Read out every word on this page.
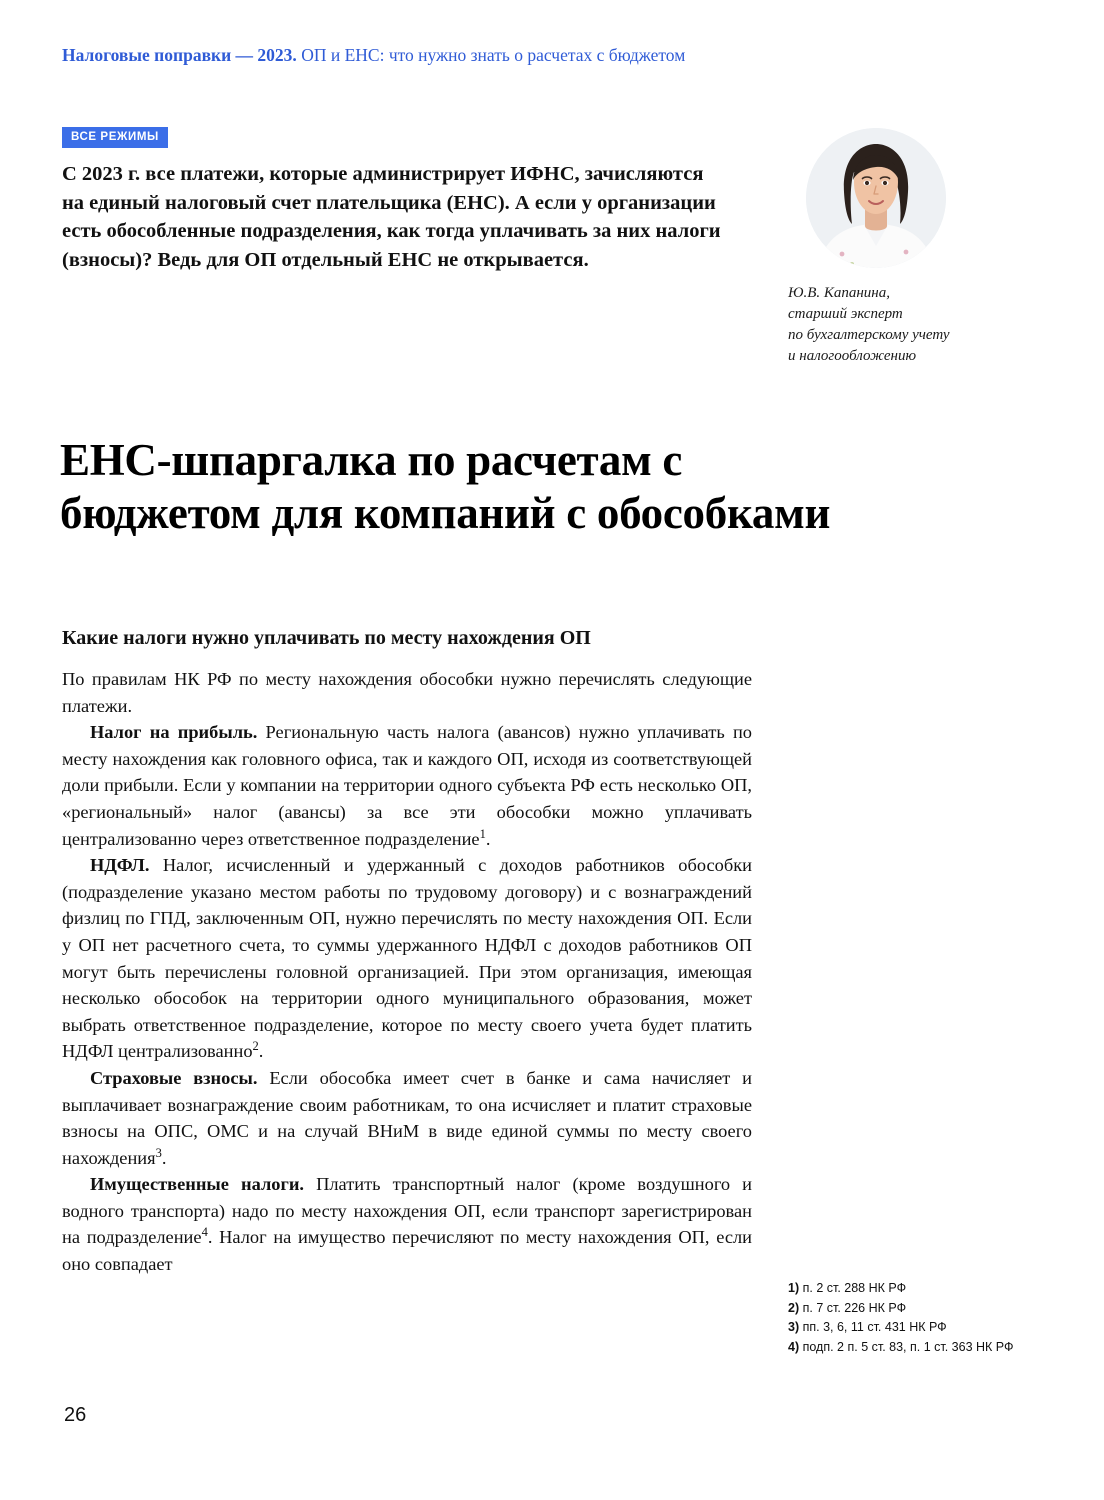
Налоговые поправки — 2023. ОП и ЕНС: что нужно знать о расчетах с бюджетом
ВСЕ РЕЖИМЫ
С 2023 г. все платежи, которые администрирует ИФНС, зачисляются на единый налоговый счет плательщика (ЕНС). А если у организации есть обособленные подразделения, как тогда уплачивать за них налоги (взносы)? Ведь для ОП отдельный ЕНС не открывается.
Ю.В. Капанина,
старший эксперт
по бухгалтерскому учету
и налогообложению
ЕНС-шпаргалка по расчетам с бюджетом для компаний с обособками
Какие налоги нужно уплачивать по месту нахождения ОП

По правилам НК РФ по месту нахождения обособки нужно перечислять следующие платежи.

Налог на прибыль. Региональную часть налога (авансов) нужно уплачивать по месту нахождения как головного офиса, так и каждого ОП, исходя из соответствующей доли прибыли. Если у компании на территории одного субъекта РФ есть несколько ОП, «региональный» налог (авансы) за все эти обособки можно уплачивать централизованно через ответственное подразделение$^1$.

НДФЛ. Налог, исчисленный и удержанный с доходов работников обособки (подразделение указано местом работы по трудовому договору) и с вознаграждений физлиц по ГПД, заключенным ОП, нужно перечислять по месту нахождения ОП. Если у ОП нет расчетного счета, то суммы удержанного НДФЛ с доходов работников ОП могут быть перечислены головной организацией. При этом организация, имеющая несколько обособок на территории одного муниципального образования, может выбрать ответственное подразделение, которое по месту своего учета будет платить НДФЛ централизованно$^2$.

Страховые взносы. Если обособка имеет счет в банке и сама начисляет и выплачивает вознаграждение своим работникам, то она исчисляет и платит страховые взносы на ОПС, ОМС и на случай ВНиМ в виде единой суммы по месту своего нахождения$^3$.

Имущественные налоги. Платить транспортный налог (кроме воздушного и водного транспорта) надо по месту нахождения ОП, если транспорт зарегистрирован на подразделение$^4$. Налог на имущество перечисляют по месту нахождения ОП, если оно совпадает

1) п. 2 ст. 288 НК РФ
2) п. 7 ст. 226 НК РФ
3) пп. 3, 6, 11 ст. 431 НК РФ
4) подп. 2 п. 5 ст. 83, п. 1 ст. 363 НК РФ
26
